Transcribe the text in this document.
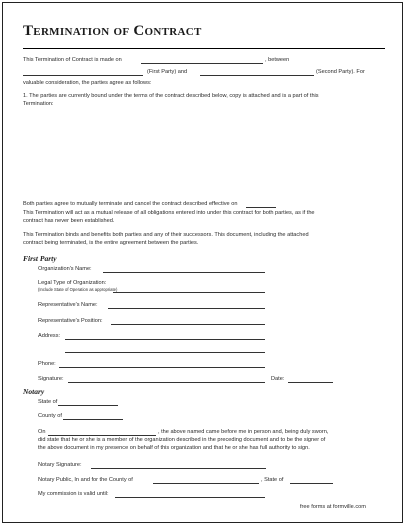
Termination of Contract
This Termination of Contract is made on	, between
(First Party) and	(Second Party). For
valuable consideration, the parties agree as follows:
1. The parties are currently bound under the terms of the contract described below, copy is attached and is a part of this
Termination:
Both parties agree to mutually terminate and cancel the contract described effective on
This Termination will act as a mutual release of all obligations entered into under this contract for both parties, as if the
contract has never been established.
This Termination binds and benefits both parties and any of their successors. This document, including the attached
contract being terminated, is the entire agreement between the parties.
First Party
Organization's Name:
Legal Type of Organization:
(Include State of Operation as appropriate)
Representative's Name:
Representative's Position:
Address:
Phone:
Signature:	Date:
Notary
State of
County of
On	, the above named came before me in person and, being duly sworn,
did state that he or she is a member of the organization described in the preceding document and to be the signer of
the above document in my presence on behalf of this organization and that he or she has full authority to sign.
Notary Signature:
Notary Public, In and for the County of	, State of
My commission is valid until:
free forms at formville.com
